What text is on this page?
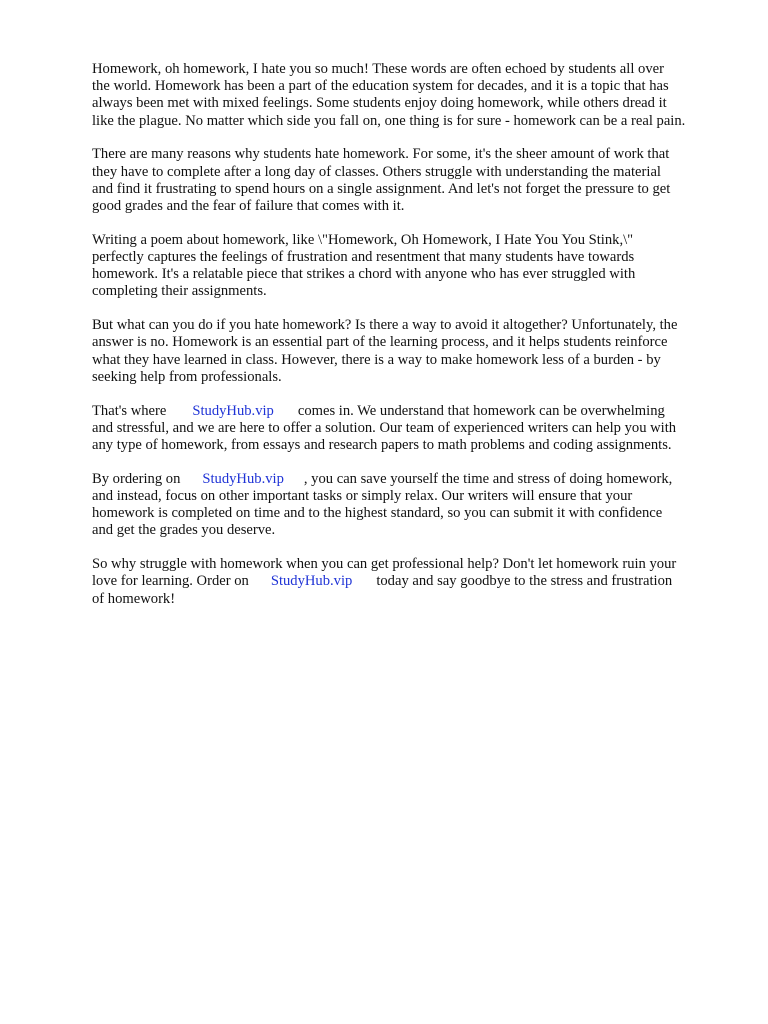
Homework, oh homework, I hate you so much! These words are often echoed by students all over
the world. Homework has been a part of the education system for decades, and it is a topic that has
always been met with mixed feelings. Some students enjoy doing homework, while others dread it
like the plague. No matter which side you fall on, one thing is for sure - homework can be a real pain.

There are many reasons why students hate homework. For some, it's the sheer amount of work that
they have to complete after a long day of classes. Others struggle with understanding the material
and find it frustrating to spend hours on a single assignment. And let's not forget the pressure to get
good grades and the fear of failure that comes with it.

Writing a poem about homework, like \"Homework, Oh Homework, I Hate You You Stink,\"
perfectly captures the feelings of frustration and resentment that many students have towards
homework. It's a relatable piece that strikes a chord with anyone who has ever struggled with
completing their assignments.

But what can you do if you hate homework? Is there a way to avoid it altogether? Unfortunately, the
answer is no. Homework is an essential part of the learning process, and it helps students reinforce
what they have learned in class. However, there is a way to make homework less of a burden - by
seeking help from professionals.

That's where StudyHub.vip comes in. We understand that homework can be overwhelming
and stressful, and we are here to offer a solution. Our team of experienced writers can help you with
any type of homework, from essays and research papers to math problems and coding assignments.

By ordering on StudyHub.vip , you can save yourself the time and stress of doing homework,
and instead, focus on other important tasks or simply relax. Our writers will ensure that your
homework is completed on time and to the highest standard, so you can submit it with confidence
and get the grades you deserve.

So why struggle with homework when you can get professional help? Don't let homework ruin your
love for learning. Order on StudyHub.vip today and say goodbye to the stress and frustration
of homework!
